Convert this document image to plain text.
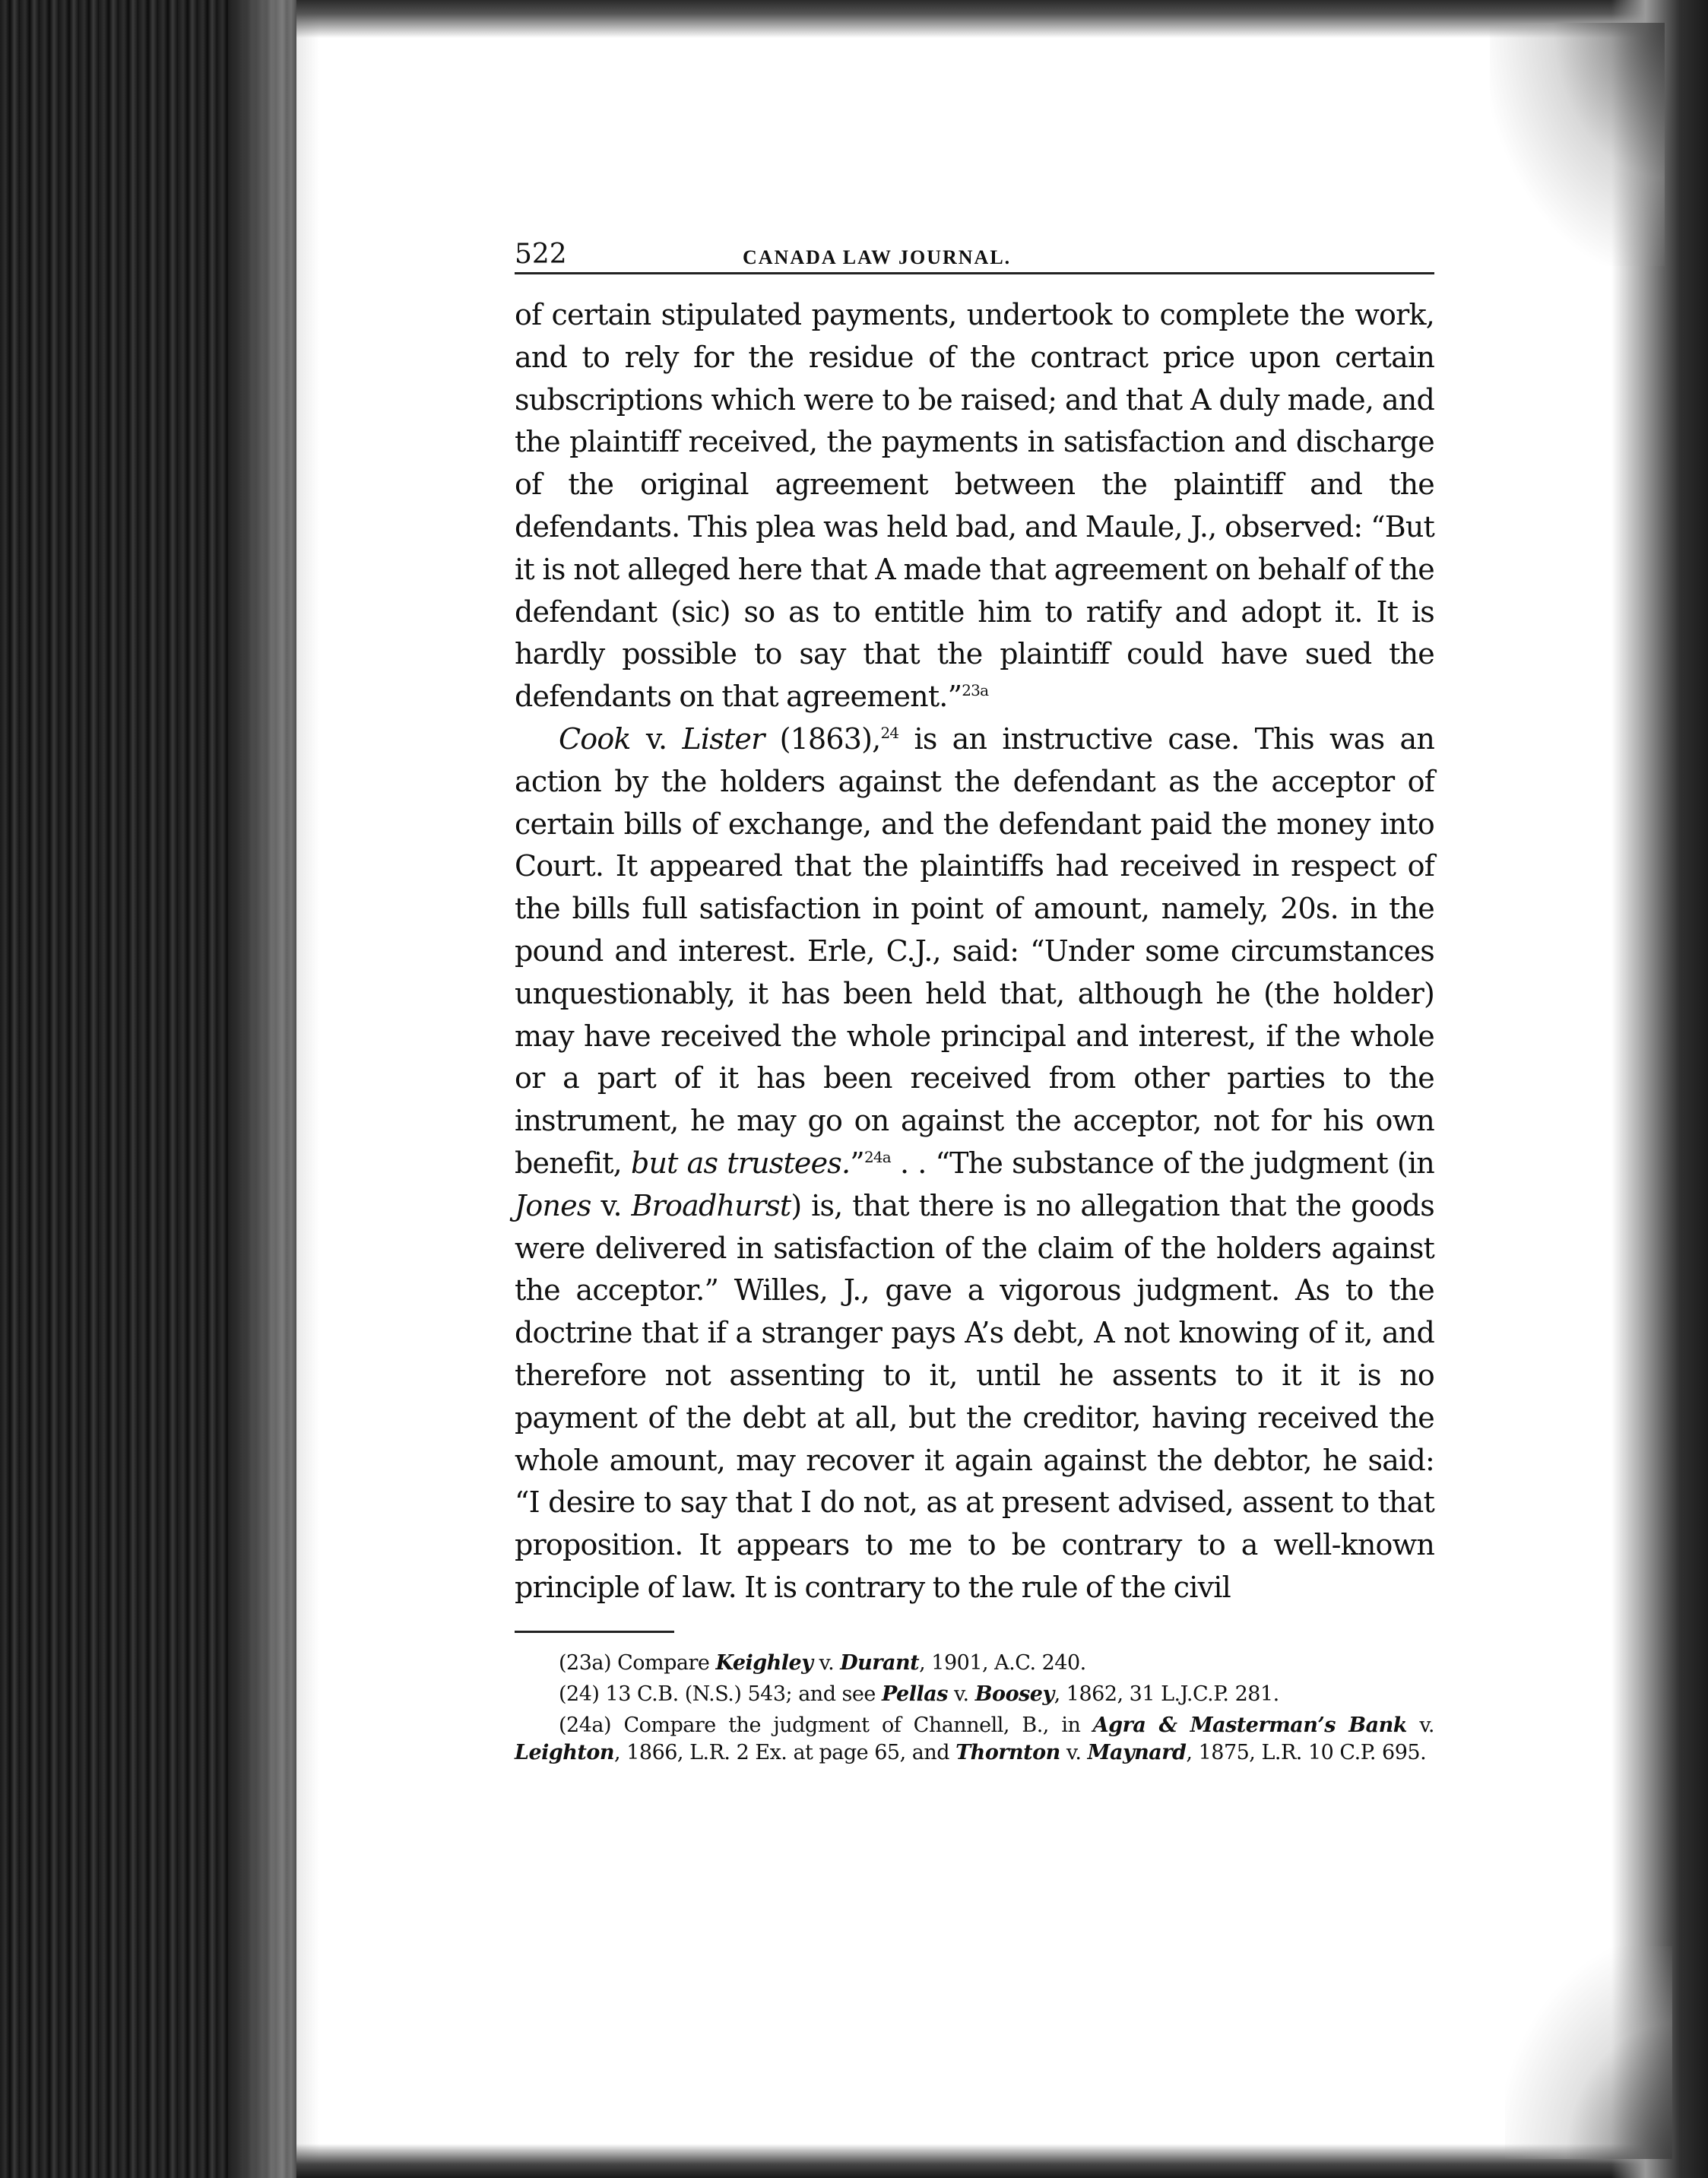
522	CANADA LAW JOURNAL.

of certain stipulated payments, undertook to complete the work, and to rely for the residue of the contract price upon certain subscriptions which were to be raised; and that A duly made, and the plaintiff received, the payments in satisfaction and discharge of the original agreement between the plaintiff and the defendants. This plea was held bad, and Maule, J., observed: “But it is not alleged here that A made that agreement on behalf of the defendant (sic) so as to entitle him to ratify and adopt it. It is hardly possible to say that the plaintiff could have sued the defendants on that agreement.”$^{23a}$

Cook v. Lister (1863),$^{24}$ is an instructive case. This was an action by the holders against the defendant as the acceptor of certain bills of exchange, and the defendant paid the money into Court. It appeared that the plaintiffs had received in respect of the bills full satisfaction in point of amount, namely, 20s. in the pound and interest. Erle, C.J., said: “Under some circumstances unquestionably, it has been held that, although he (the holder) may have received the whole principal and interest, if the whole or a part of it has been received from other parties to the instrument, he may go on against the acceptor, not for his own benefit, but as trustees.”$^{24a}$ . . “The substance of the judgment (in Jones v. Broadhurst) is, that there is no allegation that the goods were delivered in satisfaction of the claim of the holders against the acceptor.” Willes, J., gave a vigorous judgment. As to the doctrine that if a stranger pays A’s debt, A not knowing of it, and therefore not assenting to it, until he assents to it it is no payment of the debt at all, but the creditor, having received the whole amount, may recover it again against the debtor, he said: “I desire to say that I do not, as at present advised, assent to that proposition. It appears to me to be contrary to a well-known principle of law. It is contrary to the rule of the civil

(23a) Compare Keighley v. Durant, 1901, A.C. 240.

(24) 13 C.B. (N.S.) 543; and see Pellas v. Boosey, 1862, 31 L.J.C.P. 281.

(24a) Compare the judgment of Channell, B., in Agra & Masterman’s Bank v. Leighton, 1866, L.R. 2 Ex. at page 65, and Thornton v. Maynard, 1875, L.R. 10 C.P. 695.
